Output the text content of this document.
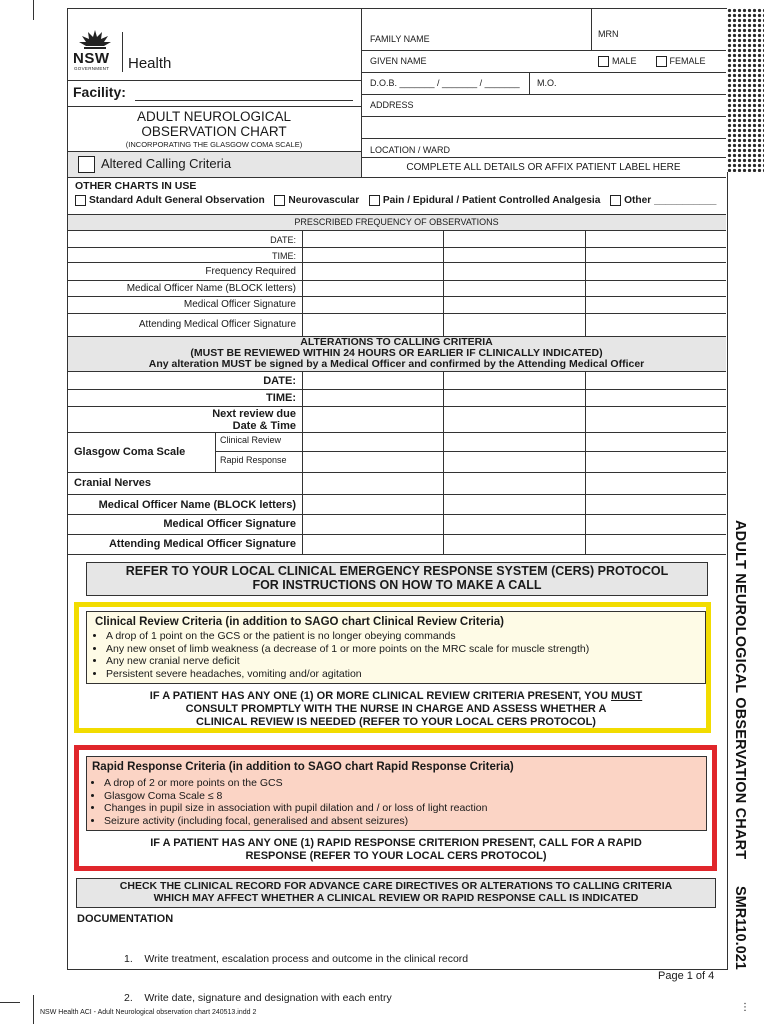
NSW
GOVERNMENT Health
Facility:
ADULT NEUROLOGICAL
OBSERVATION CHART
(INCORPORATING THE GLASGOW COMA SCALE)
Altered Calling Criteria
MRN
FAMILY NAME
GIVEN NAME	MALE	FEMALE
D.O.B. _______ / _______ / _______ M.O.
ADDRESS
LOCATION / WARD
COMPLETE ALL DETAILS OR AFFIX PATIENT LABEL HERE
OTHER CHARTS IN USE
Standard Adult General Observation Neurovascular Pain / Epidural / Patient Controlled Analgesia Other ___________
PRESCRIBED FREQUENCY OF OBSERVATIONS
DATE:
TIME:
Frequency Required
Medical Officer Name (BLOCK letters)
Medical Officer Signature
Attending Medical Officer Signature
ALTERATIONS TO CALLING CRITERIA
(MUST BE REVIEWED WITHIN 24 HOURS OR EARLIER IF CLINICALLY INDICATED)
Any alteration MUST be signed by a Medical Officer and confirmed by the Attending Medical Officer
DATE:
TIME:
Next review due
Date & Time
Glasgow Coma Scale
Clinical Review
Rapid Response
Cranial Nerves
Medical Officer Name (BLOCK letters)
Medical Officer Signature
Attending Medical Officer Signature
REFER TO YOUR LOCAL CLINICAL EMERGENCY RESPONSE SYSTEM (CERS) PROTOCOL
FOR INSTRUCTIONS ON HOW TO MAKE A CALL
Clinical Review Criteria (in addition to SAGO chart Clinical Review Criteria)
• A drop of 1 point on the GCS or the patient is no longer obeying commands
• Any new onset of limb weakness (a decrease of 1 or more points on the MRC scale for muscle strength)
• Any new cranial nerve deficit
• Persistent severe headaches, vomiting and/or agitation
IF A PATIENT HAS ANY ONE (1) OR MORE CLINICAL REVIEW CRITERIA PRESENT, YOU MUST
CONSULT PROMPTLY WITH THE NURSE IN CHARGE AND ASSESS WHETHER A
CLINICAL REVIEW IS NEEDED (REFER TO YOUR LOCAL CERS PROTOCOL)
Rapid Response Criteria (in addition to SAGO chart Rapid Response Criteria)
• A drop of 2 or more points on the GCS
• Glasgow Coma Scale ≤ 8
• Changes in pupil size in association with pupil dilation and / or loss of light reaction
• Seizure activity (including focal, generalised and absent seizures)
IF A PATIENT HAS ANY ONE (1) RAPID RESPONSE CRITERION PRESENT, CALL FOR A RAPID
RESPONSE (REFER TO YOUR LOCAL CERS PROTOCOL)
CHECK THE CLINICAL RECORD FOR ADVANCE CARE DIRECTIVES OR ALTERATIONS TO CALLING CRITERIA
WHICH MAY AFFECT WHETHER A CLINICAL REVIEW OR RAPID RESPONSE CALL IS INDICATED
DOCUMENTATION

1.    Write treatment, escalation process and outcome in the clinical record

2.    Write date, signature and designation with each entry

ADULT NEUROLOGICAL OBSERVATION CHART
SMR110.021
Page 1 of 4
NSW Health ACI - Adult Neurological observation chart 240513.indd 2	⋮
